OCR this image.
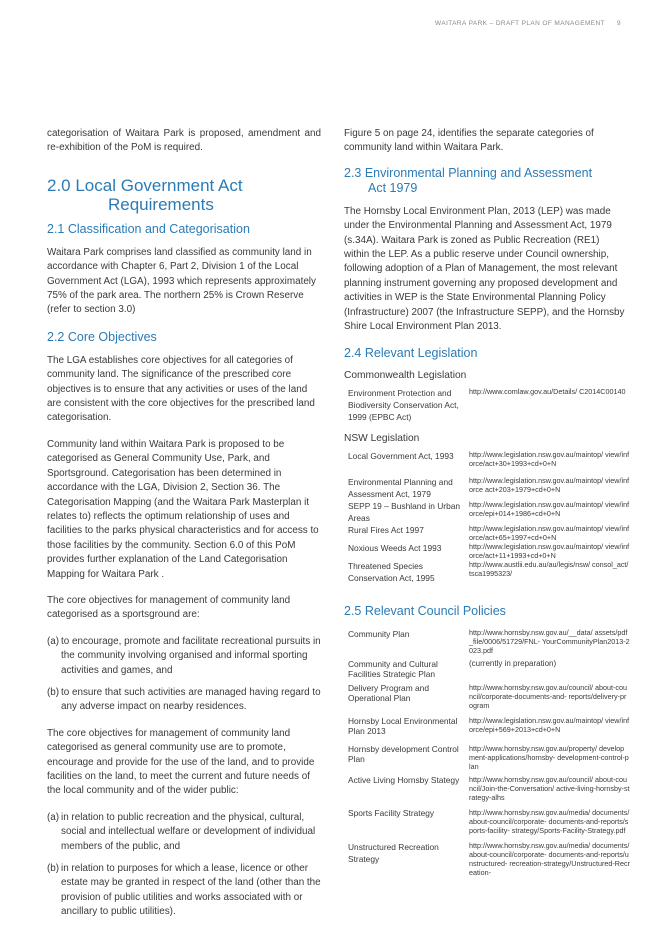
WAITARA PARK – DRAFT PLAN OF MANAGEMENT 9

categorisation of Waitara Park is proposed, amendment and re-exhibition of the PoM is required.

2.0 Local Government Act
Requirements
2.1 Classification and Categorisation

Waitara Park comprises land classified as community land in accordance with Chapter 6, Part 2, Division 1 of the Local Government Act (LGA), 1993 which represents approximately 75% of the park area. The northern 25% is Crown Reserve (refer to section 3.0)

2.2 Core Objectives

The LGA establishes core objectives for all categories of community land. The significance of the prescribed core objectives is to ensure that any activities or uses of the land are consistent with the core objectives for the prescribed land categorisation.

Community land within Waitara Park is proposed to be categorised as General Community Use, Park, and Sportsground. Categorisation has been determined in accordance with the LGA, Division 2, Section 36. The Categorisation Mapping (and the Waitara Park Masterplan it relates to) reflects the optimum relationship of uses and facilities to the parks physical characteristics and for access to those facilities by the community. Section 6.0 of this PoM provides further explanation of the Land Categorisation Mapping for Waitara Park .

The core objectives for management of community land categorised as a sportsground are:

(a) to encourage, promote and facilitate recreational pursuits in the community involving organised and informal sporting activities and games, and
(b) to ensure that such activities are managed having regard to any adverse impact on nearby residences.

The core objectives for management of community land categorised as general community use are to promote, encourage and provide for the use of the land, and to provide facilities on the land, to meet the current and future needs of the local community and of the wider public:

(a) in relation to public recreation and the physical, cultural, social and intellectual welfare or development of individual members of the public, and
(b) in relation to purposes for which a lease, licence or other estate may be granted in respect of the land (other than the provision of public utilities and works associated with or ancillary to public utilities).

Figure 5 on page 24, identifies the separate categories of community land within Waitara Park.

2.3 Environmental Planning and Assessment
Act 1979

The Hornsby Local Environment Plan, 2013 (LEP) was made under the Environmental Planning and Assessment Act, 1979 (s.34A). Waitara Park is zoned as Public Recreation (RE1) within the LEP. As a public reserve under Council ownership, following adoption of a Plan of Management, the most relevant planning instrument governing any proposed development and activities in WEP is the State Environmental Planning Policy (Infrastructure) 2007 (the Infrastructure SEPP), and the Hornsby Shire Local Environment Plan 2013.

2.4 Relevant Legislation
Commonwealth Legislation
Environment Protection and Biodiversity Conservation Act, 1999 (EPBC Act)	http://www.comlaw.gov.au/Details/ C2014C00140
NSW Legislation
Local Government Act, 1993	http://www.legislation.nsw.gov.au/maintop/ view/inforce/act+30+1993+cd+0+N

Environmental Planning and Assessment Act, 1979	http://www.legislation.nsw.gov.au/maintop/ view/inforce act+203+1979+cd+0+N
SEPP 19 – Bushland in Urban Areas	http://www.legislation.nsw.gov.au/maintop/ view/inforce/epi+014+1986+cd+0+N
Rural Fires Act 1997	http://www.legislation.nsw.gov.au/maintop/ view/inforce/act+65+1997+cd+0+N
Noxious Weeds Act 1993	http://www.legislation.nsw.gov.au/maintop/ view/inforce/act+11+1993+cd+0+N
Threatened Species Conservation Act, 1995	http://www.austlii.edu.au/au/legis/nsw/ consol_act/tsca1995323/
2.5 Relevant Council Policies
Community Plan	http://www.hornsby.nsw.gov.au/__data/ assets/pdf_file/0006/51729/FNL- YourCommunityPlan2013-2023.pdf

Community and Cultural Facilities Strategic Plan	(currently in preparation)

Delivery Program and Operational Plan	http://www.hornsby.nsw.gov.au/council/ about-council/corporate-documents-and- reports/delivery-program

Hornsby Local Environmental Plan 2013	http://www.legislation.nsw.gov.au/maintop/ view/inforce/epi+569+2013+cd+0+N

Hornsby development Control Plan	http://www.hornsby.nsw.gov.au/property/ development-applications/hornsby- development-control-plan

Active Living Hornsby Stategy	http://www.hornsby.nsw.gov.au/council/ about-council/Join-the-Conversation/ active-living-hornsby-strategy-alhs

Sports Facility Strategy	http://www.hornsby.nsw.gov.au/media/ documents/about-council/corporate- documents-and-reports/sports-facility- strategy/Sports-Facility-Strategy.pdf

Unstructured Recreation Strategy	http://www.hornsby.nsw.gov.au/media/ documents/about-council/corporate- documents-and-reports/unstructured- recreation-strategy/Unstructured-Recreation-
